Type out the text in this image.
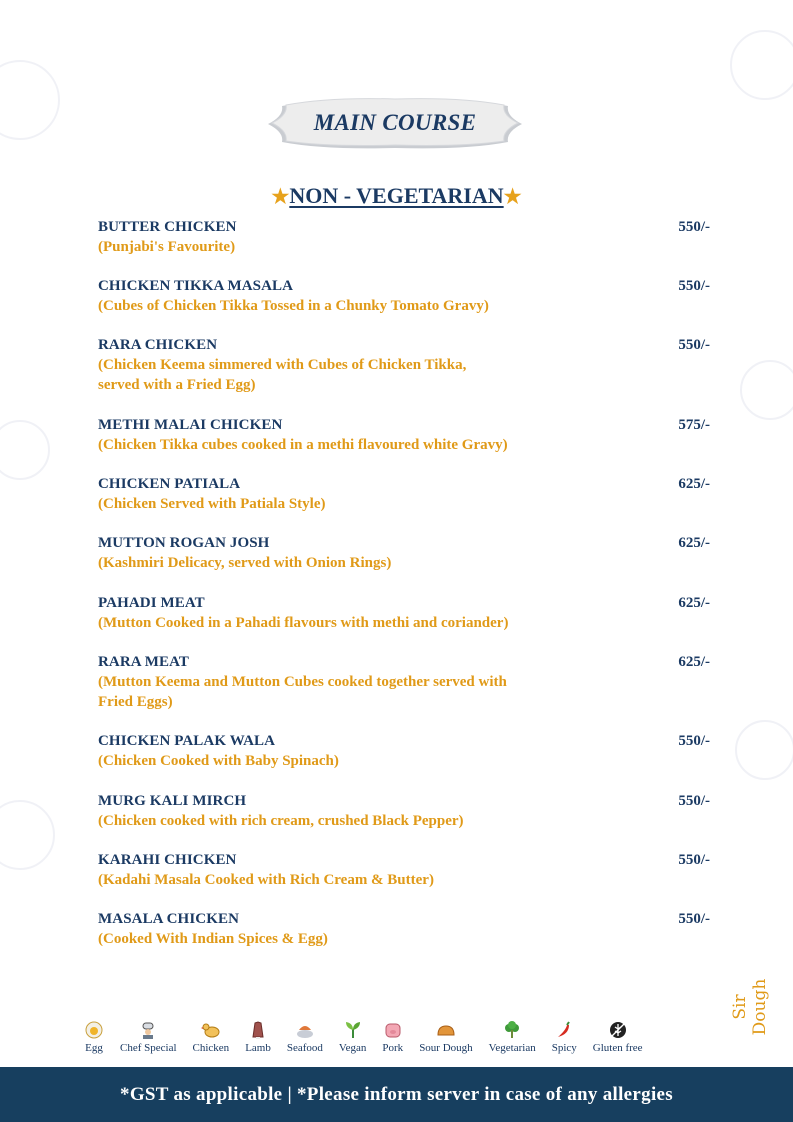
MAIN COURSE
★NON - VEGETARIAN★
BUTTER CHICKEN
(Punjabi's Favourite)
550/-
CHICKEN TIKKA MASALA
(Cubes of Chicken Tikka Tossed in a Chunky Tomato Gravy)
550/-
RARA CHICKEN
(Chicken Keema simmered with Cubes of Chicken Tikka, served with a Fried Egg)
550/-
METHI MALAI CHICKEN
(Chicken Tikka cubes cooked in a methi flavoured white Gravy)
575/-
CHICKEN PATIALA
(Chicken Served with Patiala Style)
625/-
MUTTON ROGAN JOSH
(Kashmiri Delicacy, served with Onion Rings)
625/-
PAHADI MEAT
(Mutton Cooked in a Pahadi flavours with methi and coriander)
625/-
RARA MEAT
(Mutton Keema and Mutton Cubes cooked together served with Fried Eggs)
625/-
CHICKEN PALAK WALA
(Chicken Cooked with Baby Spinach)
550/-
MURG KALI MIRCH
(Chicken cooked with rich cream, crushed Black Pepper)
550/-
KARAHI CHICKEN
(Kadahi Masala Cooked with Rich Cream & Butter)
550/-
MASALA CHICKEN
(Cooked With Indian Spices & Egg)
550/-
Egg Chef Special Chicken Lamb Seafood Vegan Pork Sour Dough Vegetarian Spicy Gluten free
Sir Dough
*GST as applicable | *Please inform server in case of any allergies
